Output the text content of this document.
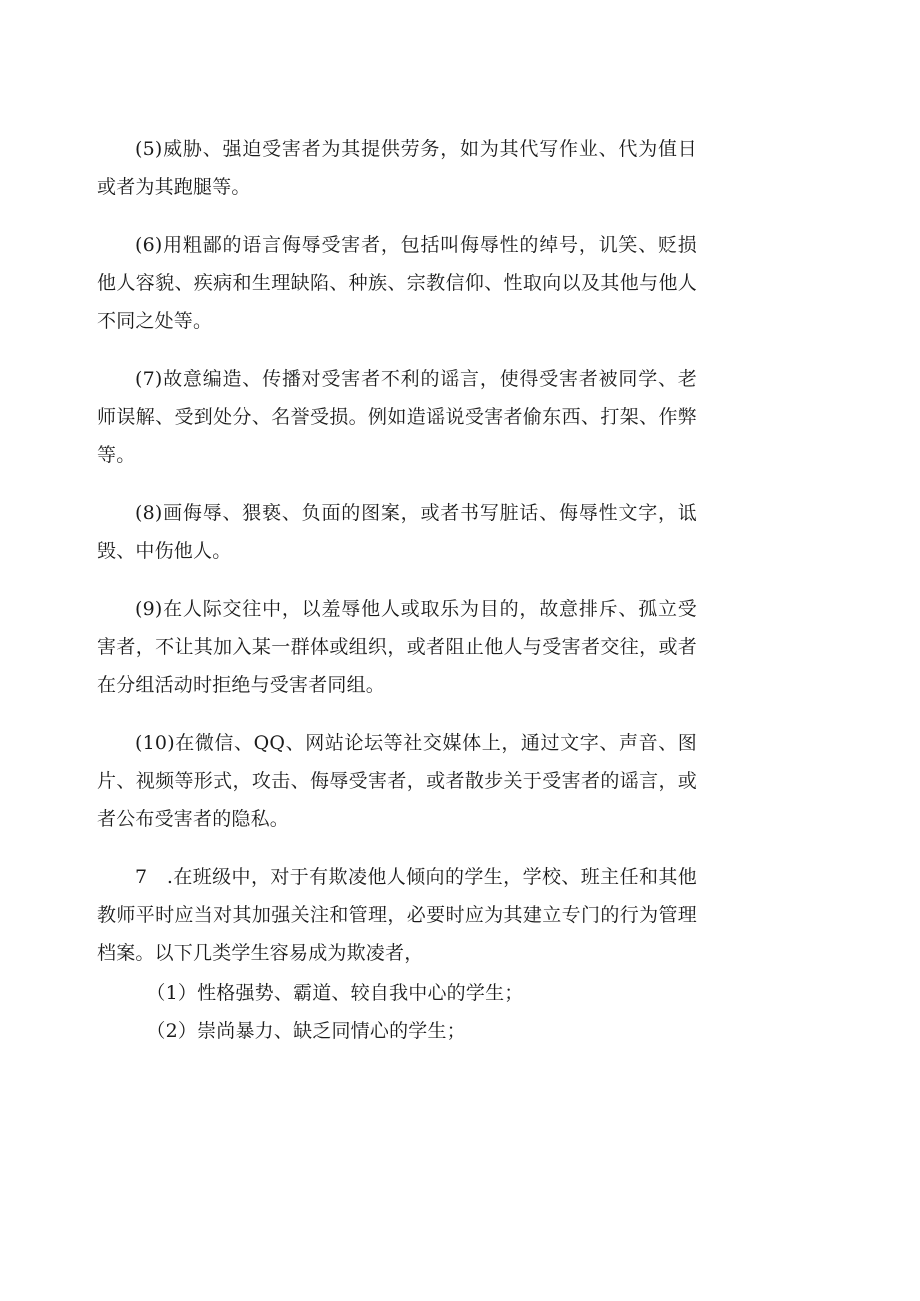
(5)威胁、强迫受害者为其提供劳务，如为其代写作业、代为值日或者为其跑腿等。

(6)用粗鄙的语言侮辱受害者，包括叫侮辱性的绰号，讥笑、贬损他人容貌、疾病和生理缺陷、种族、宗教信仰、性取向以及其他与他人不同之处等。

(7)故意编造、传播对受害者不利的谣言，使得受害者被同学、老师误解、受到处分、名誉受损。例如造谣说受害者偷东西、打架、作弊等。

(8)画侮辱、猥亵、负面的图案，或者书写脏话、侮辱性文字，诋毁、中伤他人。

(9)在人际交往中，以羞辱他人或取乐为目的，故意排斥、孤立受害者，不让其加入某一群体或组织，或者阻止他人与受害者交往，或者在分组活动时拒绝与受害者同组。

(10)在微信、QQ、网站论坛等社交媒体上，通过文字、声音、图片、视频等形式，攻击、侮辱受害者，或者散步关于受害者的谣言，或者公布受害者的隐私。

7　.在班级中，对于有欺凌他人倾向的学生，学校、班主任和其他教师平时应当对其加强关注和管理，必要时应为其建立专门的行为管理档案。以下几类学生容易成为欺凌者，

（1）性格强势、霸道、较自我中心的学生；

（2）崇尚暴力、缺乏同情心的学生；
